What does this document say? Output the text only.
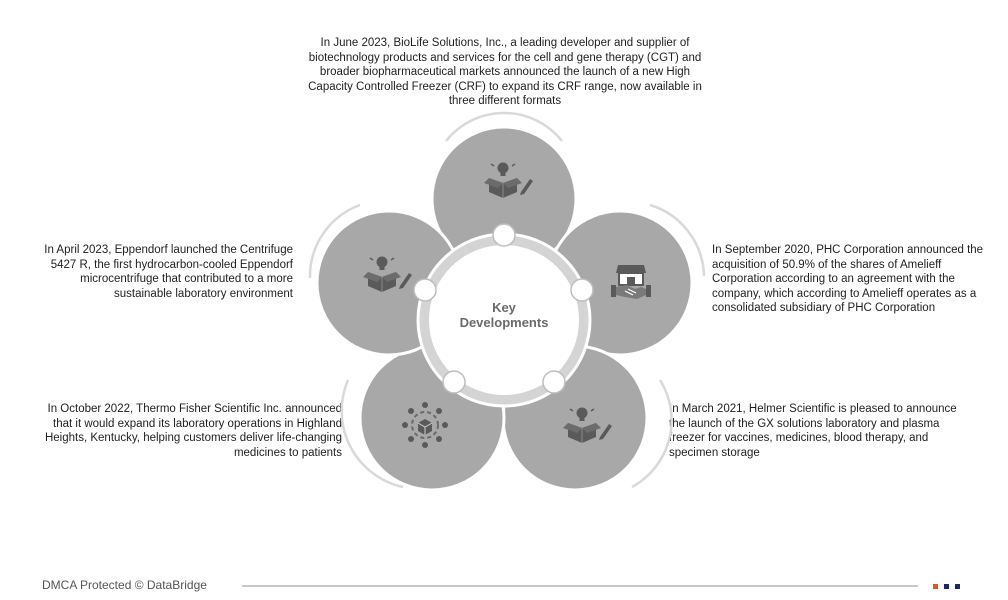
In June 2023, BioLife Solutions, Inc., a leading developer and supplier of biotechnology products and services for the cell and gene therapy (CGT) and broader biopharmaceutical markets announced the launch of a new High Capacity Controlled Freezer (CRF) to expand its CRF range, now available in three different formats
In September 2020, PHC Corporation announced the acquisition of 50.9% of the shares of Amelieff Corporation according to an agreement with the company, which according to Amelieff operates as a consolidated subsidiary of PHC Corporation
In March 2021, Helmer Scientific is pleased to announce the launch of the GX solutions laboratory and plasma freezer for vaccines, medicines, blood therapy, and specimen storage
In April 2023, Eppendorf launched the Centrifuge 5427 R, the first hydrocarbon-cooled Eppendorf microcentrifuge that contributed to a more sustainable laboratory environment
In October 2022, Thermo Fisher Scientific Inc. announced that it would expand its laboratory operations in Highland Heights, Kentucky, helping customers deliver life-changing medicines to patients
Key
Developments
DMCA Protected © DataBridge
